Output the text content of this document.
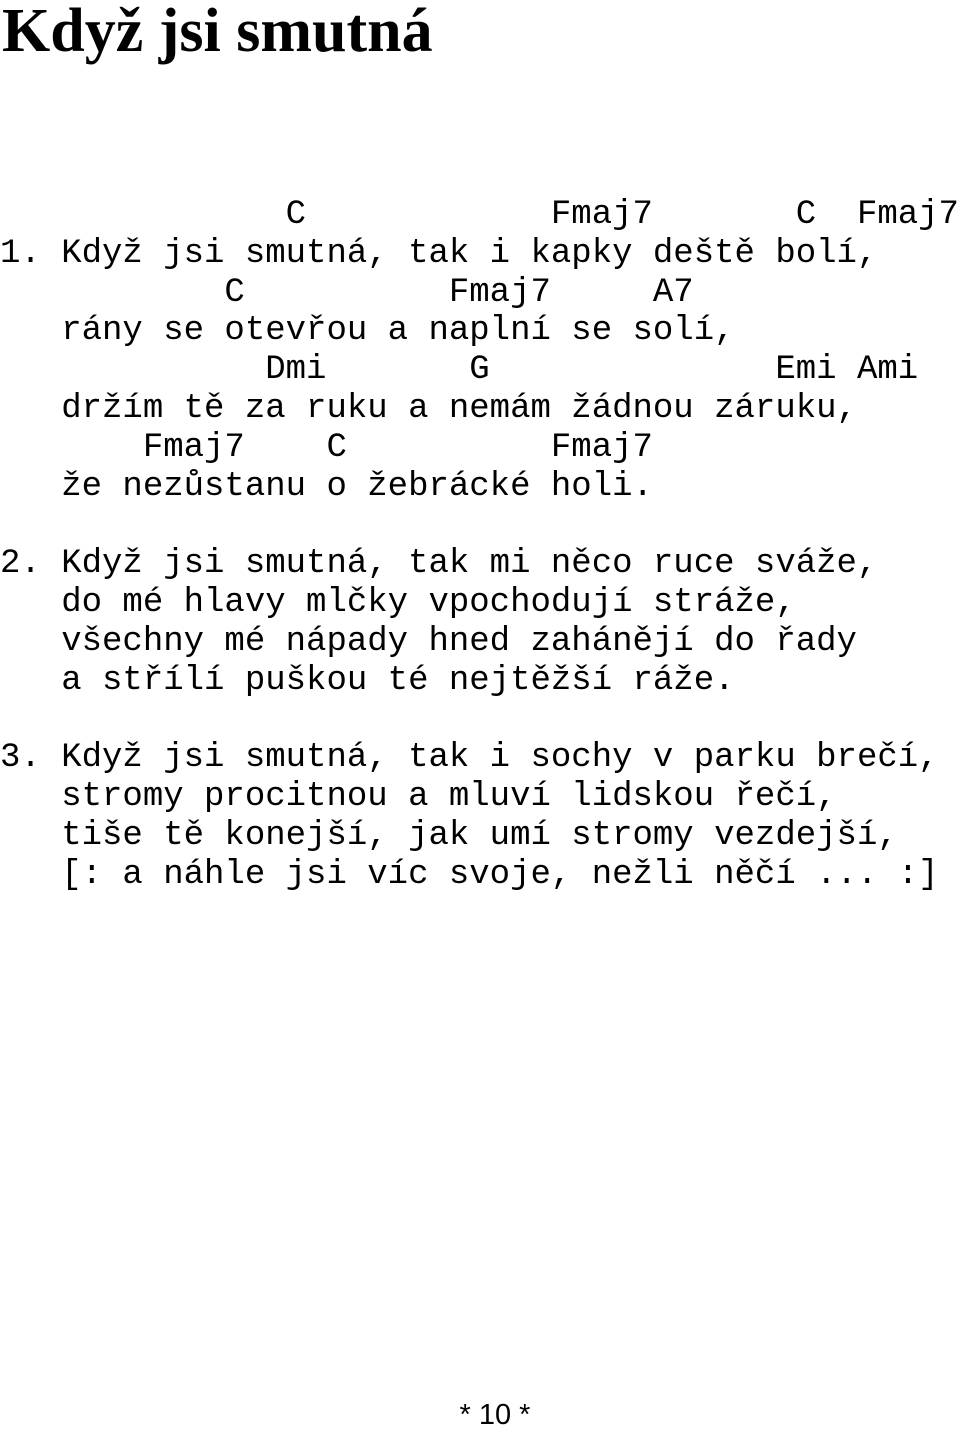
Když jsi smutná
C            Fmaj7       C  Fmaj7
1. Když jsi smutná, tak i kapky deště bolí,
C          Fmaj7     A7
rány se otevřou a naplní se solí,
Dmi       G              Emi Ami
držím tě za ruku a nemám žádnou záruku,
Fmaj7    C          Fmaj7
že nezůstanu o žebrácké holi.
2. Když jsi smutná, tak mi něco ruce sváže,
do mé hlavy mlčky vpochodují stráže,
všechny mé nápady hned zahánějí do řady
a střílí puškou té nejtěžší ráže.
3. Když jsi smutná, tak i sochy v parku brečí,
stromy procitnou a mluví lidskou řečí,
tiše tě konejší, jak umí stromy vezdejší,
[: a náhle jsi víc svoje, nežli něčí ... :]
* 10 *
